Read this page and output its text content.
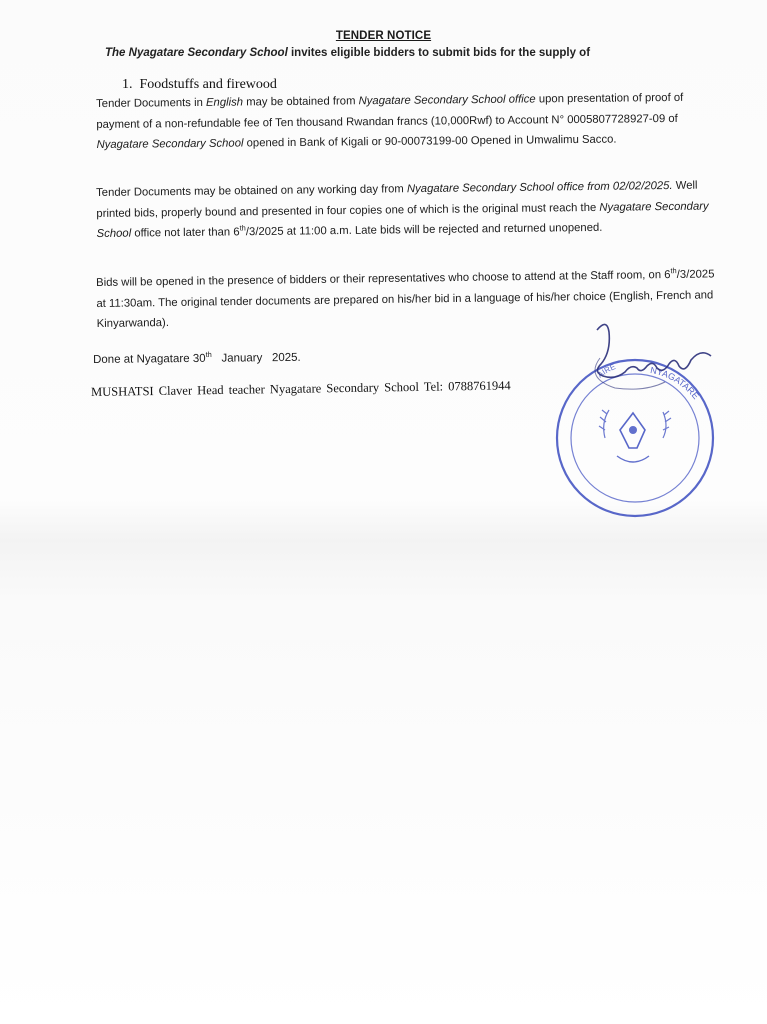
TENDER NOTICE
The Nyagatare Secondary School invites eligible bidders to submit bids for the supply of
1.  Foodstuffs and firewood
Tender Documents in English may be obtained from Nyagatare Secondary School office upon presentation of proof of payment of a non-refundable fee of Ten thousand Rwandan francs (10,000Rwf) to Account N° 0005807728927-09 of Nyagatare Secondary School opened in Bank of Kigali or 90-00073199-00 Opened in Umwalimu Sacco.
Tender Documents may be obtained on any working day from Nyagatare Secondary School office from 02/02/2025. Well printed bids, properly bound and presented in four copies one of which is the original must reach the Nyagatare Secondary School office not later than 6th/3/2025 at 11:00 a.m. Late bids will be rejected and returned unopened.
Bids will be opened in the presence of bidders or their representatives who choose to attend at the Staff room, on 6th/3/2025 at 11:30am. The original tender documents are prepared on his/her bid in a language of his/her choice (English, French and Kinyarwanda).
Done at Nyagatare 30th   January   2025.
MUSHATSI Claver Head teacher Nyagatare Secondary School Tel: 0788761944
NYAGATARE
AIRE
